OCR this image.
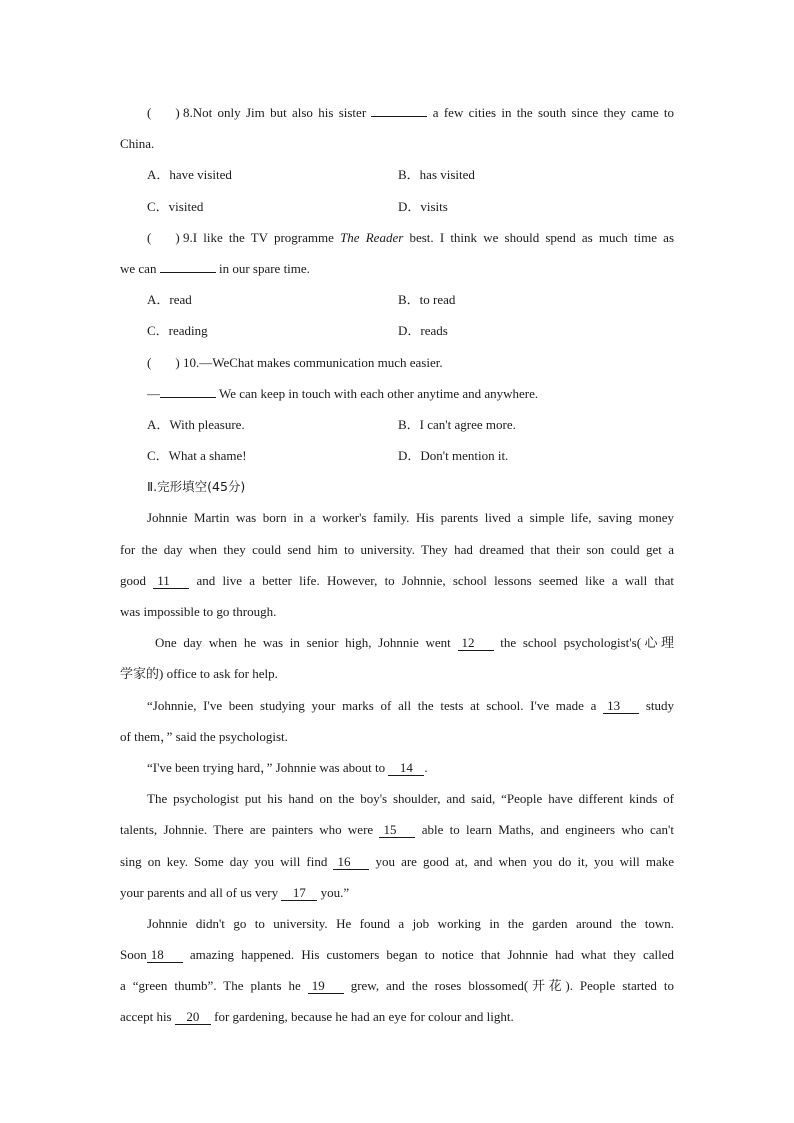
( ) 8.Not only Jim but also his sister	a few cities in the south since they came to
China.
A．have visited	B．has visited
C．visited	D．visits
( ) 9.I like the TV programme The Reader best. I think we should spend as much time as
we can	in our spare time.
A．read	B．to read
C．reading	D．reads
( ) 10.—WeChat makes communication much easier.
—	We can keep in touch with each other anytime and anywhere.
A．With pleasure.	B．I can't agree more.
C．What a shame!	D．Don't mention it.
Ⅱ.完形填空(45分)
Johnnie Martin was born in a worker's family. His parents lived a simple life, saving money
for the day when they could send him to university. They had dreamed that their son could get a
good 11 and live a better life. However, to Johnnie, school lessons seemed like a wall that
was impossible to go through.
One day when he was in senior high, Johnnie went 12 the school psychologist's(心理
学家的) office to ask for help.
“Johnnie, I've been studying your marks of all the tests at school. I've made a 13 study
of them，” said the psychologist.
“I've been trying hard，” Johnnie was about to 14 .
The psychologist put his hand on the boy's shoulder, and said, “People have different kinds of
talents, Johnnie. There are painters who were 15 able to learn Maths, and engineers who can't
sing on key. Some day you will find 16 you are good at, and when you do it, you will make
your parents and all of us very 17 you.”
Johnnie didn't go to university. He found a job working in the garden around the town.
Soon 18 amazing happened. His customers began to notice that Johnnie had what they called
a “green thumb”. The plants he 19 grew, and the roses blossomed(开花). People started to
accept his 20 for gardening, because he had an eye for colour and light.
